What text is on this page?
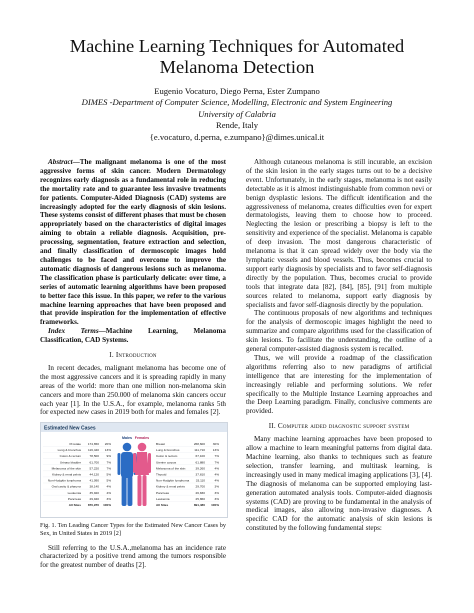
Machine Learning Techniques for Automated Melanoma Detection
Eugenio Vocaturo, Diego Perna, Ester Zumpano
DIMES -Department of Computer Science, Modelling, Electronic and System Engineering
University of Calabria
Rende, Italy
{e.vocaturo, d.perna, e.zumpano}@dimes.unical.it

Abstract—The malignant melanoma is one of the most aggressive forms of skin cancer. Modern Dermatology recognizes early diagnosis as a fundamental role in reducing the mortality rate and to guarantee less invasive treatments for patients. Computer-Aided Diagnosis (CAD) systems are increasingly adopted for the early diagnosis of skin lesions. These systems consist of different phases that must be chosen appropriately based on the characteristics of digital images aiming to obtain a reliable diagnosis. Acquisition, pre-processing, segmentation, feature extraction and selection, and finally classification of dermoscopic images hold challenges to be faced and overcome to improve the automatic diagnosis of dangerous lesions such as melanoma. The classification phase is particularly delicate: over time, a series of automatic learning algorithms have been proposed to better face this issue. In this paper, we refer to the various machine learning approaches that have been proposed and that provide inspiration for the implementation of effective frameworks.

Index Terms—Machine Learning, Melanoma Classification, CAD Systems.

I. Introduction

In recent decades, malignant melanoma has become one of the most aggressive cancers and it is spreading rapidly in many areas of the world: more than one million non-melanoma skin cancers and more than 250.000 of melanoma skin cancers occur each year [1]. In the U.S.A., for example, melanoma ranks 5th for expected new cases in 2019 both for males and females [2].

Estimated New Cases
Males Females
Prostate 174,650 20%
Lung & bronchus 116,440 13%
Colon & rectum	78,500 9%
Urinary bladder	61,700 7%
Melanoma of the skin	57,220 7%
Kidney & renal pelvis	44,120 5%
Non-Hodgkin lymphoma	41,090 5%
Oral cavity & pharynx	38,140 4%
Leukemia	35,920 4%
Pancreas	29,940 3%
All Sites 870,970 100%
Breast	268,600	30%
Lung & bronchus	111,710	13%
Colon & rectum	67,100	7%
Uterine corpus	61,880	7%
Melanoma of the skin	39,260	4%
Thyroid	37,810	4%
Non-Hodgkin lymphoma 33,110	4%
Kidney & renal pelvis	29,700	3%
Pancreas	26,830	3%
Leukemia	25,860	3%
All Sites	891,480 100%
Fig. 1. Ten Leading Cancer Types for the Estimated New Cancer Cases by Sex, in United States in 2019 [2]

Still referring to the U.S.A.,melanoma has an incidence rate characterized by a positive trend among the tumors responsible for the greatest number of deaths [2].

Although cutaneous melanoma is still incurable, an excision of the skin lesion in the early stages turns out to be a decisive event. Unfortunately, in the early stages, melanoma is not easily detectable as it is almost indistinguishable from common nevi or benign dysplastic lesions. The difficult identification and the aggressiveness of melanoma, creates difficulties even for expert dermatologists, leaving them to choose how to proceed. Neglecting the lesion or prescribing a biopsy is left to the sensitivity and experience of the specialist. Melanoma is capable of deep invasion. The most dangerous characteristic of melanoma is that it can spread widely over the body via the lymphatic vessels and blood vessels. Thus, becomes crucial to support early diagnosis by specialists and to favor self-diagnosis directly by the population. Thus, becomes crucial to provide tools that integrate data [82], [84], [85], [91] from multiple sources related to melanoma, support early diagnosis by specialists and favor self-diagnosis directly by the population.

The continuous proposals of new algorithms and techniques for the analysis of dermoscopic images highlight the need to summarize and compare algorithms used for the classification of skin lesions. To facilitate the understanding, the outline of a general computer-assisted diagnosis system is recalled.

Thus, we will provide a roadmap of the classification algorithms referring also to new paradigms of artificial intelligence that are interesting for the implementation of increasingly reliable and performing solutions. We refer specifically to the Multiple Instance Learning approaches and the Deep Learning paradigm. Finally, conclusive comments are provided.

II. Computer aided diagnostic support system

Many machine learning approaches have been proposed to allow a machine to learn meaningful patterns from digital data. Machine learning, also thanks to techniques such as feature selection, transfer learning, and multitask learning, is increasingly used in many medical imaging applications [3], [4]. The diagnosis of melanoma can be supported employing last-generation automated analysis tools. Computer-aided diagnosis systems (CAD) are proving to be fundamental in the analysis of medical images, also allowing non-invasive diagnoses. A specific CAD for the automatic analysis of skin lesions is constituted by the following fundamental steps:
